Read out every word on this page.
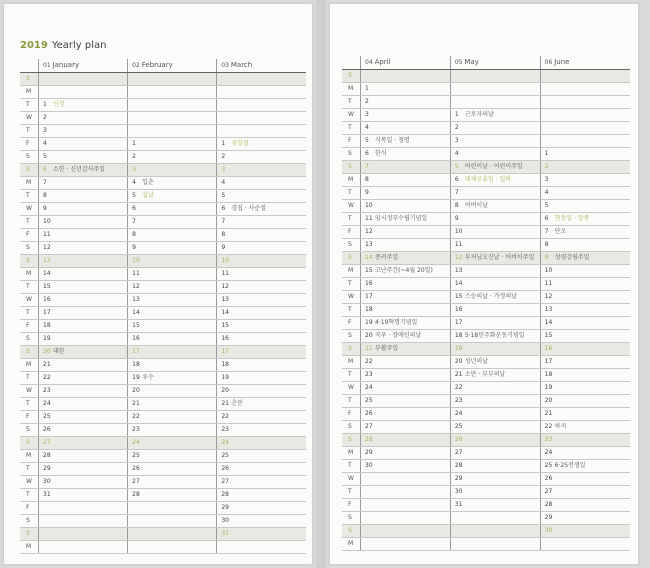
2019 Yearly plan
	01 January	02 February	03 March
S			
M			
T	1 신정		
W	2		
T	3		
F	4	1	1 삼일절
S	5	2	2
S	6 소한 · 신년감사주일	3	3
M	7	4 입춘	4
T	8	5 설날	5
W	9	6	6 경칩 · 사순절
T	10	7	7
F	11	8	8
S	12	9	9
S	13	10	10
M	14	11	11
T	15	12	12
W	16	13	13
T	17	14	14
F	18	15	15
S	19	16	16
S	20 대한	17	17
M	21	18	18
T	22	19 우수	19
W	23	20	20
T	24	21	21 춘분
F	25	22	22
S	26	23	23
S	27	24	24
M	28	25	25
T	29	26	26
W	30	27	27
T	31	28	28
F			29
S			30
S			31
M			
	04 April	05 May	06 June
S			
M	1		
T	2		
W	3	1 근로자의날	
T	4	2	
F	5 식목일 · 청명	3	
S	6 한식	4	1
S	7	5 어린이날 · 어린이주일	2
M	8	6 대체공휴일 · 입하	3
T	9	7	4
W	10	8 어버이날	5
T	11 임시정부수립기념일	9	6 현충일 · 망종
F	12	10	7 단오
S	13	11	8
S	14 종려주일	12 부처님오신날 · 어버이주일	9 성령강림주일
M	15 고난주간(~4월 20일)	13	10
T	16	14	11
W	17	15 스승의날 · 가정의날	12
T	18	16	13
F	19 4·19혁명기념일	17	14
S	20 곡우 · 장애인의날	18 5·18민주화운동기념일	15
S	21 부활주일	19	16
M	22	20 성년의날	17
T	23	21 소만 · 부부의날	18
W	24	22	19
T	25	23	20
F	26	24	21
S	27	25	22 하지
S	28	26	23
M	29	27	24
T	30	28	25 6·25전쟁일
W		29	26
T		30	27
F		31	28
S			29
S			30
M			
